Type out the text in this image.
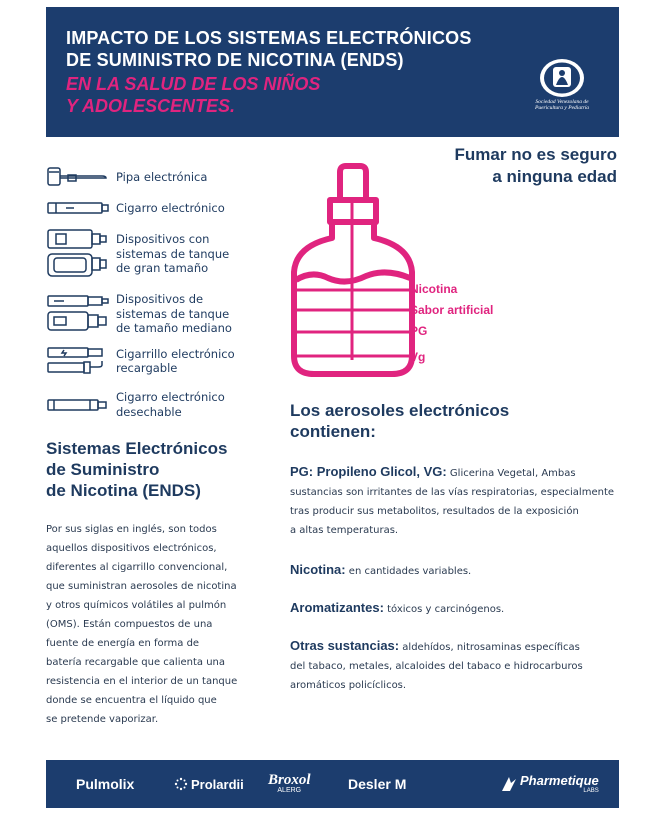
IMPACTO DE LOS SISTEMAS ELECTRÓNICOS
DE SUMINISTRO DE NICOTINA (ENDS)
EN LA SALUD DE LOS NIÑOS
Y ADOLESCENTES.	Sociedad Venezolana de Puericultura y Pediatría
Fumar no es seguro
a ninguna edad
Pipa electrónica
Cigarro electrónico
Dispositivos con
sistemas de tanque
de gran tamaño
Dispositivos de
sistemas de tanque
de tamaño mediano
Cigarrillo electrónico
recargable
Cigarro electrónico
desechable
Sistemas Electrónicos
de Suministro
de Nicotina (ENDS)
Por sus siglas en inglés, son todos
aquellos dispositivos electrónicos,
diferentes al cigarrillo convencional,
que suministran aerosoles de nicotina
y otros químicos volátiles al pulmón
(OMS). Están compuestos de una
fuente de energía en forma de
batería recargable que calienta una
resistencia en el interior de un tanque
donde se encuentra el líquido que
se pretende vaporizar.
Nicotina
Sabor artificial
PG
Vg
Los aerosoles electrónicos
contienen:
PG: Propileno Glicol, VG: Glicerina Vegetal, Ambas
sustancias son irritantes de las vías respiratorias, especialmente
tras producir sus metabolitos, resultados de la exposición
a altas temperaturas.
Nicotina: en cantidades variables.
Aromatizantes: tóxicos y carcinógenos.
Otras sustancias: aldehídos, nitrosaminas específicas
del tabaco, metales, alcaloides del tabaco e hidrocarburos
aromáticos policíclicos.
Pulmolix	Prolardii Broxol
ALERG	Desler M	Pharmetique
LABS
